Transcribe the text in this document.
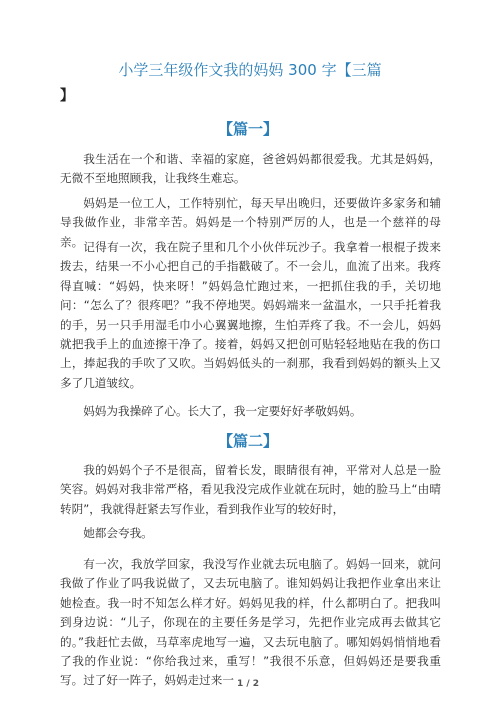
小学三年级作文我的妈妈 300 字【三篇
】
【篇一】

我生活在一个和谐、幸福的家庭，爸爸妈妈都很爱我。尤其是妈妈，无微不至地照顾我，让我终生难忘。

妈妈是一位工人，工作特别忙，每天早出晚归，还要做许多家务和辅导我做作业，非常辛苦。妈妈是一个特别严厉的人，也是一个慈祥的母亲。 记得有一次，我在院子里和几个小伙伴玩沙子。我拿着一根棍子拨来拨去，结果一不小心把自己的手指戳破了。不一会儿，血流了出来。我疼得直喊：“妈妈，快来呀！”妈妈急忙跑过来，一把抓住我的手，关切地问：“怎么了？很疼吧？”我不停地哭。妈妈端来一盆温水，一只手托着我的手，另一只手用湿毛巾小心翼翼地擦，生怕弄疼了我。不一会儿，妈妈就把我手上的血迹擦干净了。接着，妈妈又把创可贴轻轻地贴在我的伤口上，捧起我的手吹了又吹。当妈妈低头的一刹那，我看到妈妈的额头上又多了几道皱纹。

妈妈为我操碎了心。长大了，我一定要好好孝敬妈妈。

【篇二】

我的妈妈个子不是很高，留着长发，眼睛很有神，平常对人总是一脸笑容。妈妈对我非常严格，看见我没完成作业就在玩时，她的脸马上“由晴转阴”，我就得赶紧去写作业，看到我作业写的较好时，

她都会夸我。

有一次，我放学回家，我没写作业就去玩电脑了。妈妈一回来，就问我做了作业了吗我说做了，又去玩电脑了。谁知妈妈让我把作业拿出来让她检查。我一时不知怎么样才好。妈妈见我的样，什么都明白了。把我叫到身边说：“儿子，你现在的主要任务是学习，先把作业完成再去做其它的。”我赶忙去做，马草率虎地写一遍，又去玩电脑了。哪知妈妈悄悄地看了我的作业说：“你给我过来，重写！”我很不乐意，但妈妈还是要我重写。过了好一阵子，妈妈走过来一 1 / 2
